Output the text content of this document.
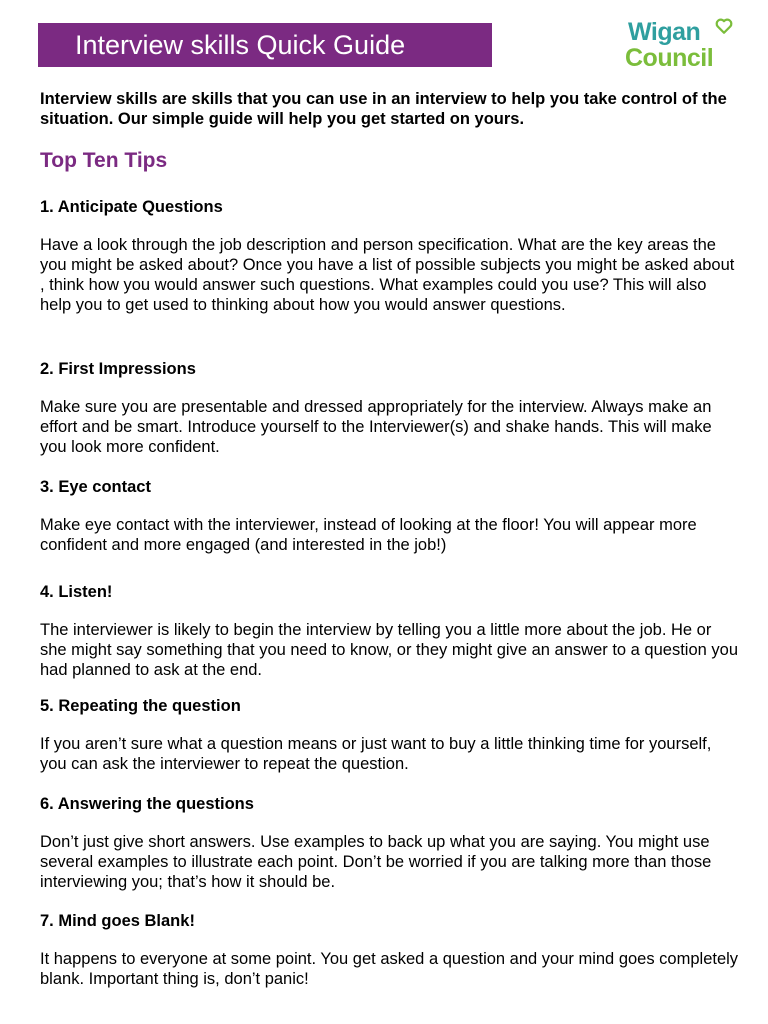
Interview skills Quick Guide	Wigan
Council
Interview skills are skills that you can use in an interview to help you take control of the situation. Our simple guide will help you get started on yours.
Top Ten Tips
1. Anticipate Questions
Have a look through the job description and person specification. What are the key areas the you might be asked about? Once you have a list of possible subjects you might be asked about , think how you would answer such questions. What examples could you use? This will also help you to get used to thinking about how you would answer questions.
2. First Impressions
Make sure you are presentable and dressed appropriately for the interview. Always make an effort and be smart. Introduce yourself to the Interviewer(s) and shake hands. This will make you look more confident.
3. Eye contact
Make eye contact with the interviewer, instead of looking at the floor! You will appear more confident and more engaged (and interested in the job!)
4. Listen!
The interviewer is likely to begin the interview by telling you a little more about the job. He or she might say something that you need to know, or they might give an answer to a question you had planned to ask at the end.
5. Repeating the question
If you aren’t sure what a question means or just want to buy a little thinking time for yourself, you can ask the interviewer to repeat the question.
6. Answering the questions
Don’t just give short answers. Use examples to back up what you are saying. You might use several examples to illustrate each point. Don’t be worried if you are talking more than those interviewing you; that’s how it should be.
7. Mind goes Blank!
It happens to everyone at some point. You get asked a question and your mind goes completely blank. Important thing is, don’t panic!
